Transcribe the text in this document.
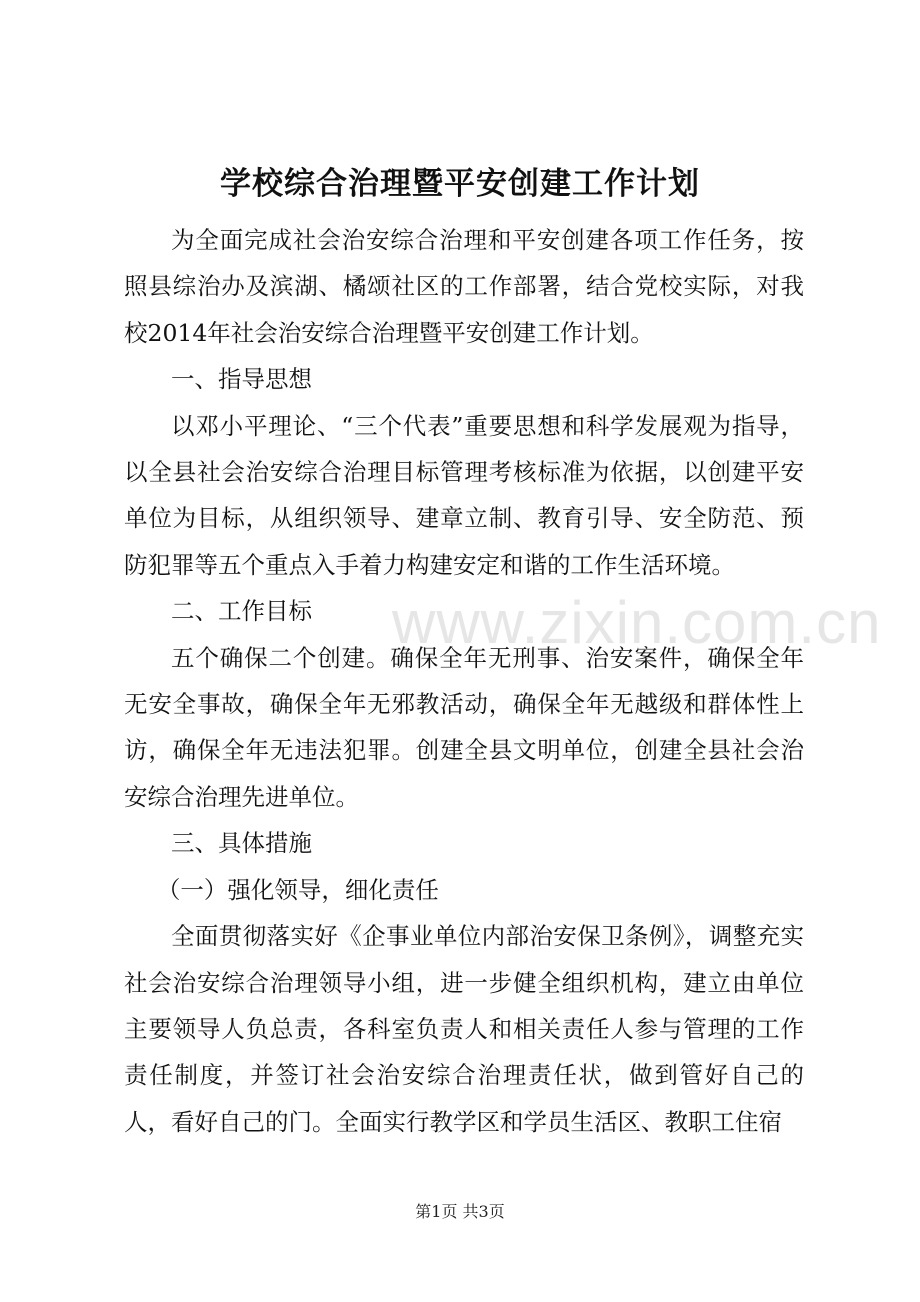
www.zixin.com.cn
学校综合治理暨平安创建工作计划

为全面完成社会治安综合治理和平安创建各项工作任务，按照县综治办及滨湖、橘颂社区的工作部署，结合党校实际，对我校2014年社会治安综合治理暨平安创建工作计划。

一、指导思想

以邓小平理论、“三个代表”重要思想和科学发展观为指导，以全县社会治安综合治理目标管理考核标准为依据，以创建平安单位为目标，从组织领导、建章立制、教育引导、安全防范、预防犯罪等五个重点入手着力构建安定和谐的工作生活环境。

二、工作目标

五个确保二个创建。确保全年无刑事、治安案件，确保全年无安全事故，确保全年无邪教活动，确保全年无越级和群体性上访，确保全年无违法犯罪。创建全县文明单位，创建全县社会治安综合治理先进单位。

三、具体措施

（一）强化领导，细化责任

全面贯彻落实好《企事业单位内部治安保卫条例》，调整充实社会治安综合治理领导小组，进一步健全组织机构，建立由单位主要领导人负总责，各科室负责人和相关责任人参与管理的工作责任制度，并签订社会治安综合治理责任状，做到管好自己的人，看好自己的门。全面实行教学区和学员生活区、教职工住宿

第1页 共3页
